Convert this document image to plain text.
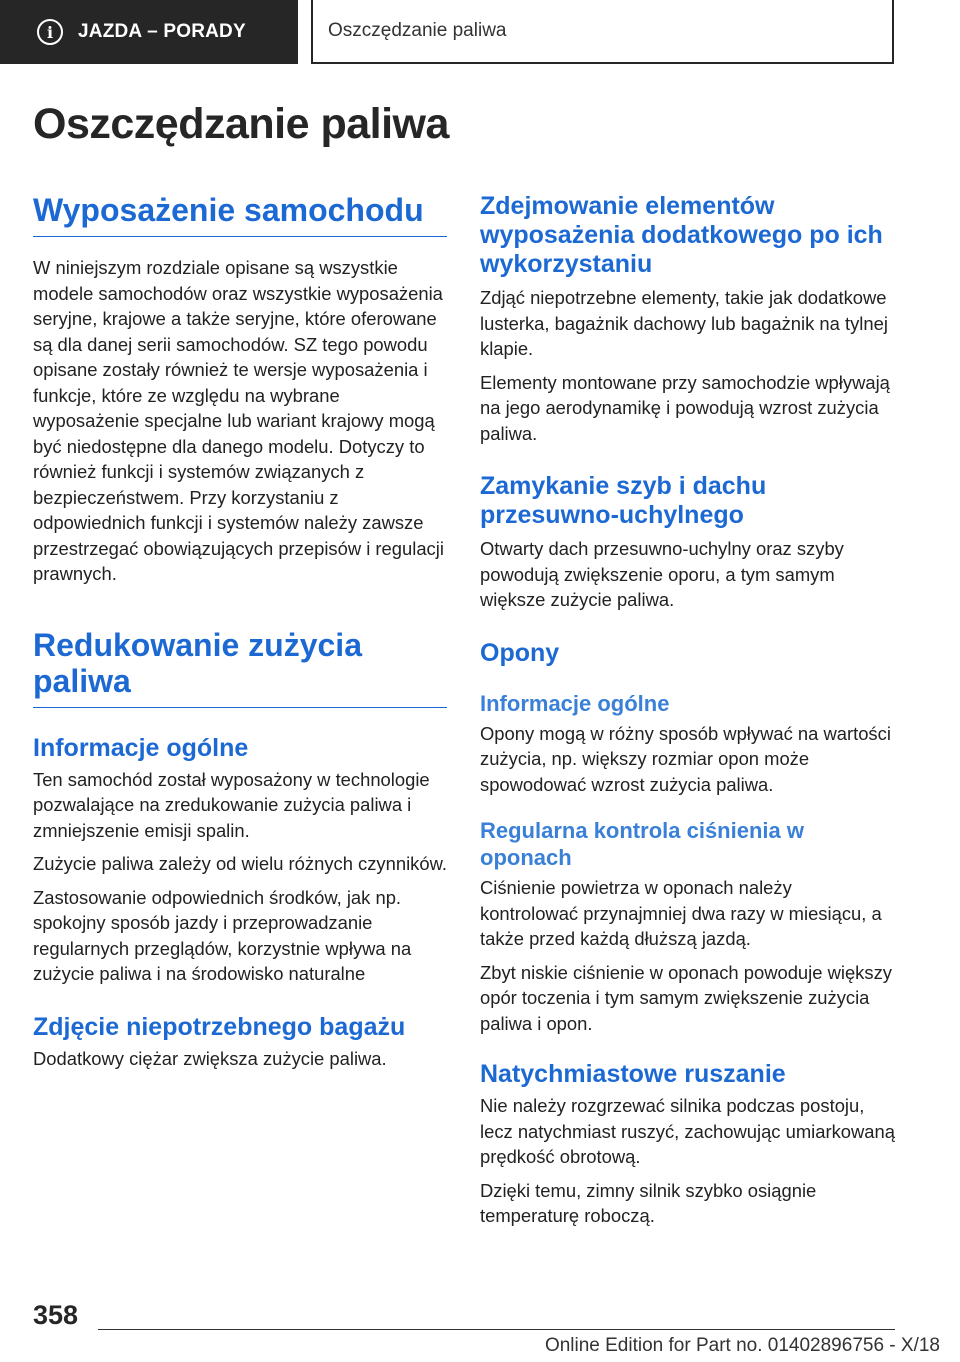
i	JAZDA – PORADY	Oszczędzanie paliwa
Oszczędzanie paliwa
Wyposażenie samochodu

W niniejszym rozdziale opisane są wszystkie modele samochodów oraz wszystkie wyposażenia seryjne, krajowe a także seryjne, które oferowane są dla danej serii samochodów. SZ tego powodu opisane zostały również te wersje wyposażenia i funkcje, które ze względu na wybrane wyposażenie specjalne lub wariant krajowy mogą być niedostępne dla danego modelu. Dotyczy to również funkcji i systemów związanych z bezpieczeństwem. Przy korzystaniu z odpowiednich funkcji i systemów należy zawsze przestrzegać obowiązujących przepisów i regulacji prawnych.

Redukowanie zużycia paliwa
Informacje ogólne

Ten samochód został wyposażony w technologie pozwalające na zredukowanie zużycia paliwa i zmniejszenie emisji spalin.

Zużycie paliwa zależy od wielu różnych czynników.

Zastosowanie odpowiednich środków, jak np. spokojny sposób jazdy i przeprowadzanie regularnych przeglądów, korzystnie wpływa na zużycie paliwa i na środowisko naturalne

Zdjęcie niepotrzebnego bagażu

Dodatkowy ciężar zwiększa zużycie paliwa.

Zdejmowanie elementów wyposażenia dodatkowego po ich wykorzystaniu

Zdjąć niepotrzebne elementy, takie jak dodatkowe lusterka, bagażnik dachowy lub bagażnik na tylnej klapie.

Elementy montowane przy samochodzie wpływają na jego aerodynamikę i powodują wzrost zużycia paliwa.

Zamykanie szyb i dachu przesuwno‑uchylnego

Otwarty dach przesuwno-uchylny oraz szyby powodują zwiększenie oporu, a tym samym większe zużycie paliwa.

Opony
Informacje ogólne

Opony mogą w różny sposób wpływać na wartości zużycia, np. większy rozmiar opon może spowodować wzrost zużycia paliwa.

Regularna kontrola ciśnienia w oponach

Ciśnienie powietrza w oponach należy kontrolować przynajmniej dwa razy w miesiącu, a także przed każdą dłuższą jazdą.

Zbyt niskie ciśnienie w oponach powoduje większy opór toczenia i tym samym zwiększenie zużycia paliwa i opon.

Natychmiastowe ruszanie

Nie należy rozgrzewać silnika podczas postoju, lecz natychmiast ruszyć, zachowując umiarkowaną prędkość obrotową.

Dzięki temu, zimny silnik szybko osiągnie temperaturę roboczą.

358
Online Edition for Part no. 01402896756 - X/18
